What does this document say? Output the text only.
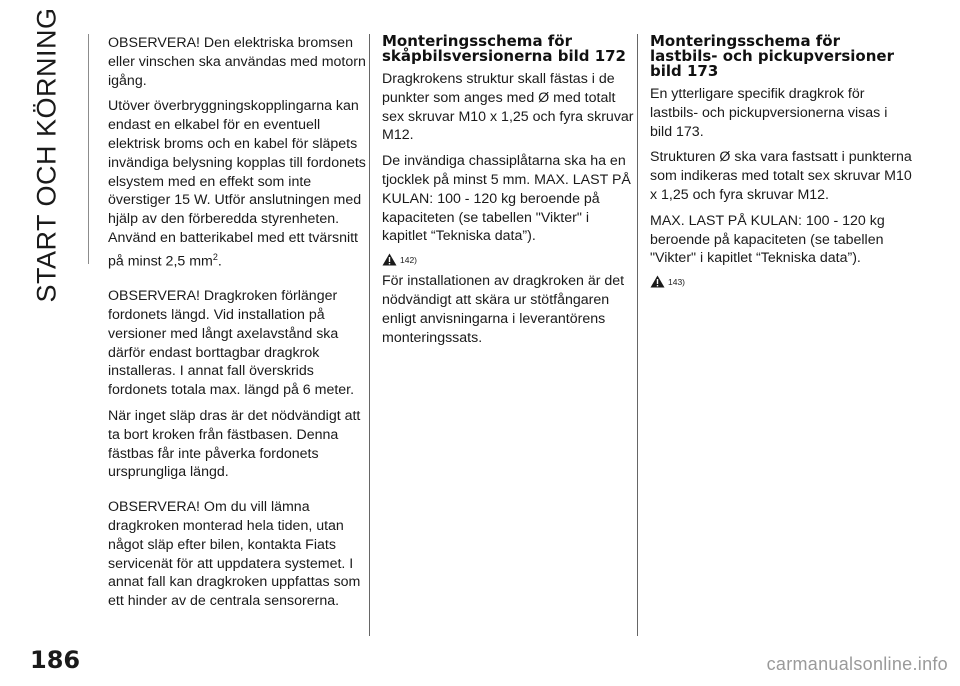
START OCH KÖRNING	OBSERVERA! Den elektriska bromsen eller vinschen ska användas med motorn igång.

Utöver överbryggningskopplingarna kan endast en elkabel för en eventuell elektrisk broms och en kabel för släpets invändiga belysning kopplas till fordonets elsystem med en effekt som inte överstiger 15 W. Utför anslutningen med hjälp av den förberedda styrenheten. Använd en batterikabel med ett tvärsnitt på minst 2,5 $mm^2$.

OBSERVERA! Dragkroken förlänger fordonets längd. Vid installation på versioner med långt axelavstånd ska därför endast borttagbar dragkrok installeras. I annat fall överskrids fordonets totala max. längd på 6 meter.

När inget släp dras är det nödvändigt att ta bort kroken från fästbasen. Denna fästbas får inte påverka fordonets ursprungliga längd.

OBSERVERA! Om du vill lämna dragkroken monterad hela tiden, utan något släp efter bilen, kontakta Fiats servicenät för att uppdatera systemet. I annat fall kan dragkroken uppfattas som ett hinder av de centrala sensorerna.

Monteringsschema för skåpbilsversionerna bild 172

Dragkrokens struktur skall fästas i de punkter som anges med Ø med totalt sex skruvar M10 x 1,25 och fyra skruvar M12.

De invändiga chassiplåtarna ska ha en tjocklek på minst 5 mm. MAX. LAST PÅ KULAN: 100 - 120 kg beroende på kapaciteten (se tabellen "Vikter" i kapitlet “Tekniska data”).

142)

För installationen av dragkroken är det nödvändigt att skära ur stötfångaren enligt anvisningarna i leverantörens monteringssats.

Monteringsschema för lastbils- och pickupversioner bild 173

En ytterligare specifik dragkrok för lastbils- och pickupversionerna visas i bild 173.

Strukturen Ø ska vara fastsatt i punkterna som indikeras med totalt sex skruvar M10 x 1,25 och fyra skruvar M12.

MAX. LAST PÅ KULAN: 100 - 120 kg beroende på kapaciteten (se tabellen "Vikter" i kapitlet “Tekniska data”).

143)
186	carmanualsonline.info
